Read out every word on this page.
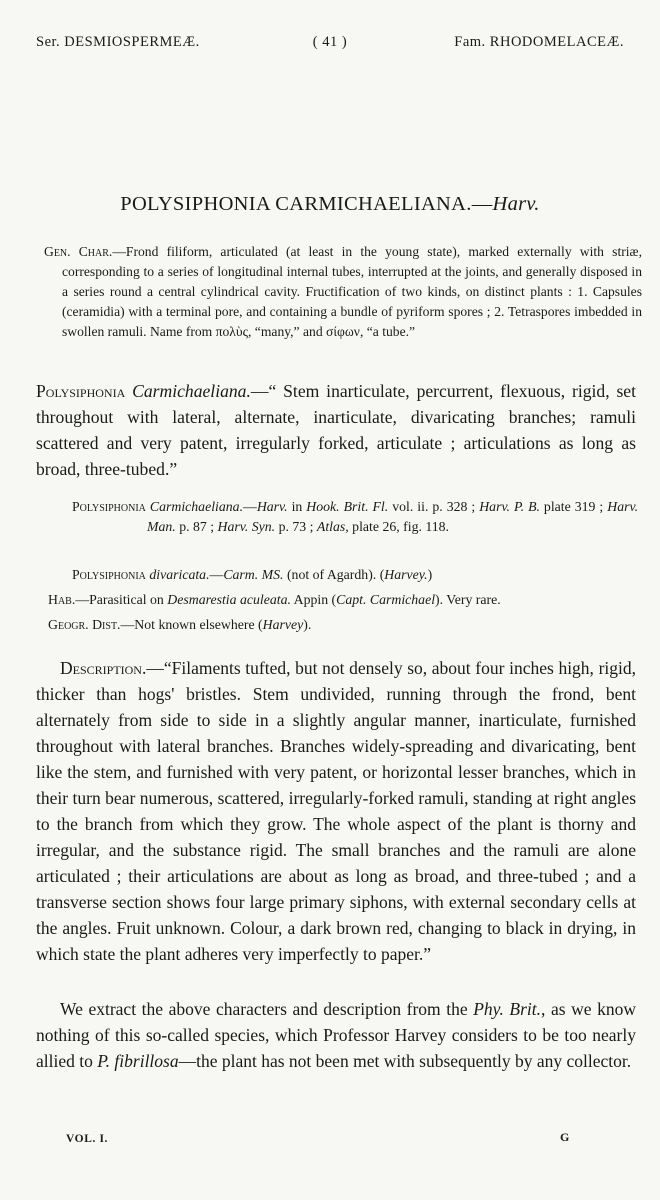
Ser. DESMIOSPERMEÆ.	( 41 )	Fam. RHODOMELACEÆ.
POLYSIPHONIA CARMICHAELIANA.—Harv.
Gen. Char.—Frond filiform, articulated (at least in the young state), marked externally with striæ, corresponding to a series of longitudinal internal tubes, interrupted at the joints, and generally disposed in a series round a central cylindrical cavity. Fructification of two kinds, on distinct plants : 1. Capsules (ceramidia) with a terminal pore, and containing a bundle of pyriform spores ; 2. Tetraspores imbedded in swollen ramuli. Name from πολὺς, “many,” and σίφων, “a tube.”
Polysiphonia Carmichaeliana.—“ Stem inarticulate, percurrent, flexuous, rigid, set throughout with lateral, alternate, inarticulate, divaricating branches; ramuli scattered and very patent, irregularly forked, articulate ; articulations as long as broad, three-tubed.”
Polysiphonia Carmichaeliana.—Harv. in Hook. Brit. Fl. vol. ii. p. 328 ; Harv. P. B. plate 319 ; Harv. Man. p. 87 ; Harv. Syn. p. 73 ; Atlas, plate 26, fig. 118.
Polysiphonia divaricata.—Carm. MS. (not of Agardh). (Harvey.)
Hab.—Parasitical on Desmarestia aculeata. Appin (Capt. Carmichael). Very rare.
Geogr. Dist.—Not known elsewhere (Harvey).
Description.—“Filaments tufted, but not densely so, about four inches high, rigid, thicker than hogs' bristles. Stem undivided, running through the frond, bent alternately from side to side in a slightly angular manner, inarticulate, furnished throughout with lateral branches. Branches widely-spreading and divaricating, bent like the stem, and furnished with very patent, or horizontal lesser branches, which in their turn bear numerous, scattered, irregularly-forked ramuli, standing at right angles to the branch from which they grow. The whole aspect of the plant is thorny and irregular, and the substance rigid. The small branches and the ramuli are alone articulated ; their articulations are about as long as broad, and three-tubed ; and a transverse section shows four large primary siphons, with external secondary cells at the angles. Fruit unknown. Colour, a dark brown red, changing to black in drying, in which state the plant adheres very imperfectly to paper.”
We extract the above characters and description from the Phy. Brit., as we know nothing of this so-called species, which Professor Harvey considers to be too nearly allied to P. fibrillosa—the plant has not been met with subsequently by any collector.
VOL. I.	G
